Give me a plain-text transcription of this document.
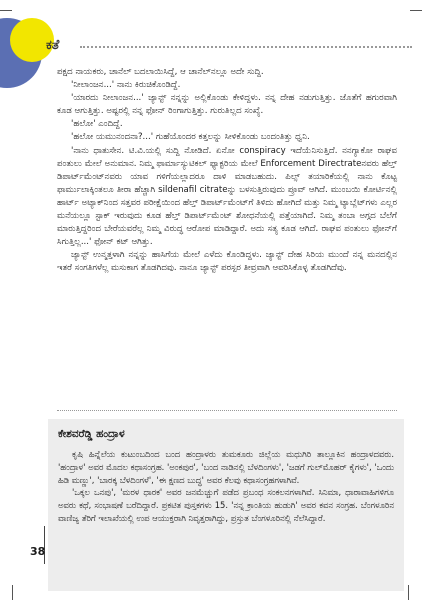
ಕತೆ

ಪಕ್ಷದ ನಾಯಕರು, ಚಾನೆಲ್ ಬದಲಾಯಿಸಿದ್ದೆ, ಆ ಚಾನೆಲ್‌ನಲ್ಲೂ ಅದೇ ಸುದ್ದಿ.

'ನೀಲಾಂಜನ...' ನಾನು ಕಿರುಚಿಕೊಂಡಿದ್ದೆ.

'ಯಾರದು ನೀಲಾಂಜನ...' ಜ್ಯಾನ್ಟ್ ನನ್ನನ್ನು ಅಲ್ಲಿಕೊಂಡು ಕೇಳಿದ್ದಳು. ನನ್ನ ದೇಹ ನಡುಗುತ್ತಿತ್ತು. ಜೊತೆಗೆ ಹಗುರವಾಗಿ ಕೂಡ ಆಗುತ್ತಿತ್ತು. ಅಷ್ಟರಲ್ಲಿ ನನ್ನ ಫೋನ್ ರಿಂಗಾಗುತ್ತಿತ್ತು. ಗುರುತಿಲ್ಲದ ಸಂಖ್ಯೆ.

'ಹಲೋ' ಎಂದಿದ್ದೆ.

'ಹಲೋ ಯಮುನಂದನಾ?...' ಗುಹೆಯೊಂದರ ಕತ್ತಲನ್ನು ಸೀಳಿಕೊಂಡು ಬಂದಂತಿತ್ತು ಧ್ವನಿ.

'ನಾನು ಧಾತುಸೇನ. ಟಿ.ವಿ.ಯಲ್ಲಿ ಸುದ್ದಿ ನೋಡಿದೆ. ಏನೋ conspiracy ಇದೆಯೆನಿಸುತ್ತಿದೆ. ನನಗ್ಯಾಕೋ ರಾಘವ ಪಂತುಲು ಮೇಲೆ ಅನುಮಾನ. ನಿಮ್ಮ ಫಾರ್ಮಾಸ್ಯುಟಿಕಲ್ ಫ್ಯಾಕ್ಟರಿಯ ಮೇಲೆ Enforcement Directrateನವರು ಹೆಲ್ತ್ ಡಿಪಾರ್ಟ್‌ಮೆಂಟ್‌ನವರು ಯಾವ ಗಳಿಗೆಯಲ್ಲಾದರೂ ದಾಳಿ ಮಾಡಬಹುದು. ಪಿಲ್ಸ್ ತಯಾರಿಕೆಯಲ್ಲಿ ನಾನು ಕೊಟ್ಟ ಫಾರ್ಮುಲಾಕ್ಕಿಂತಲೂ ತೀರಾ ಹೆಚ್ಚಾಗಿ sildenafil citrateನ್ನು ಬಳಸುತ್ತಿರುವುದು ಪ್ರೂವ್ ಆಗಿದೆ. ಮುಂಬಯಿ ಕೋರ್ಟಿನಲ್ಲಿ ಹಾರ್ಟ್ ಅಟ್ಯಾಕ್‌ನಿಂದ ಸತ್ತವರ ಪರೀಕ್ಷೆಯಿಂದ ಹೆಲ್ತ್ ಡಿಪಾರ್ಟ್‌ಮೆಂಟ್‌ಗೆ ತಿಳಿದು ಹೋಗಿದೆ ಮತ್ತು ನಿಮ್ಮ ಟ್ಯಾಬ್ಲೆಟ್‌ಗಳು ಎಲ್ಲರ ಮನೆಯಲ್ಲೂ ಸ್ಟಾಕ್ ಇರುವುದು ಕೂಡ ಹೆಲ್ತ್ ಡಿಪಾರ್ಟ್‌ಮೆಂಟ್ ಶೋಧನೆಯಲ್ಲಿ ಪತ್ತೆಯಾಗಿದೆ. ನಿಮ್ಮ ತಂಬಾ ಅಗ್ಗದ ಬೆಲೆಗೆ ಮಾರುತ್ತಿದ್ದರಿಂದ ಬೇರೆಯವರೆಲ್ಲ ನಿಮ್ಮ ವಿರುದ್ಧ ಆರೋಪ ಮಾಡಿದ್ದಾರೆ. ಅದು ಸತ್ಯ ಕೂಡ ಆಗಿದೆ. ರಾಘವ ಪಂತುಲು ಫೋನ್‌ಗೆ ಸಿಗುತ್ತಿಲ್ಲ...' ಫೋನ್ ಕಟ್ ಆಗಿತ್ತು.

ಜ್ಯಾನ್ಟ್ ಉನ್ಮತ್ತಳಾಗಿ ನನ್ನನ್ನು ಹಾಸಿಗೆಯ ಮೇಲೆ ಎಳೆದು ಕೊಂಡಿದ್ದಳು. ಜ್ಯಾನ್ಟ್ ದೇಹ ಸಿರಿಯ ಮುಂದೆ ನನ್ನ ಮನದಲ್ಲಿನ ಇತರೆ ಸಂಗತಿಗಳೆಲ್ಲ ಮಸುಕಾಗ ತೊಡಗಿದವು. ನಾನೂ ಜ್ಯಾನ್ಟ್ ಪರಸ್ಪರ ತೀವ್ರವಾಗಿ ಆವರಿಸಿಕೊಳ್ಳ ತೊಡಗಿದೆವು.

ಕೇಶವರೆಡ್ಡಿ ಹಂದ್ರಾಳ

ಕೃಷಿ ಹಿನ್ನೆಲೆಯ ಕುಟುಂಬದಿಂದ ಬಂದ ಹಂದ್ರಾಳರು ತುಮಕೂರು ಜಿಲ್ಲೆಯ ಮಧುಗಿರಿ ತಾಲ್ಲೂಕಿನ ಹಂದ್ರಾಳದವರು. 'ಹಂದ್ರಾಳ' ಅವರ ಮೊದಲ ಕಥಾಸಂಗ್ರಹ. 'ಅಂಕಪುರ', 'ಬಂದ ನಾಡಿನಲ್ಲಿ ಬೆಳದಿಂಗಳು', 'ಜಡಗೆ ಗುಲ್‌ಮೊಹರ್ ಕೈಗಳು', 'ಒಂದು ಹಿಡಿ ಮಣ್ಣು', 'ಬಾರಕ್ಕ ಬೆಳದಿಂಗಳೆ', 'ಈ ಕ್ಷಣದ ಬುದ್ಧ' ಅವರ ಕೆಲವು ಕಥಾಸಂಗ್ರಹಗಳಾಗಿವೆ.

'ಒಕ್ಕಲ ಒನಪು', 'ಮರಳ ಧಾರಕ' ಅವರ ಜನಮೆಚ್ಚುಗೆ ಪಡೆದ ಪ್ರಬಂಧ ಸಂಕಲನಗಳಾಗಿವೆ. ಸಿನಿಮಾ, ಧಾರಾವಾಹಿಗಳಿಗೂ ಅವರು ಕಥೆ, ಸಂಭಾಷಣೆ ಬರೆದಿದ್ದಾರೆ. ಪ್ರಕಟಿತ ಪುಸ್ತಕಗಳು 15. 'ನನ್ನ ಕ್ರಾಂತಿಯ ಹುಡುಗಿ' ಅವರ ಕವನ ಸಂಗ್ರಹ. ಬೆಂಗಳೂರಿನ ವಾಣಿಜ್ಯ ತೆರಿಗೆ ಇಲಾಖೆಯಲ್ಲಿ ಉಪ ಆಯುಕ್ತರಾಗಿ ನಿವೃತ್ತರಾಗಿದ್ದು, ಪ್ರಸ್ತುತ ಬೆಂಗಳೂರಿನಲ್ಲಿ ನೆಲೆಸಿದ್ದಾರೆ.

38
